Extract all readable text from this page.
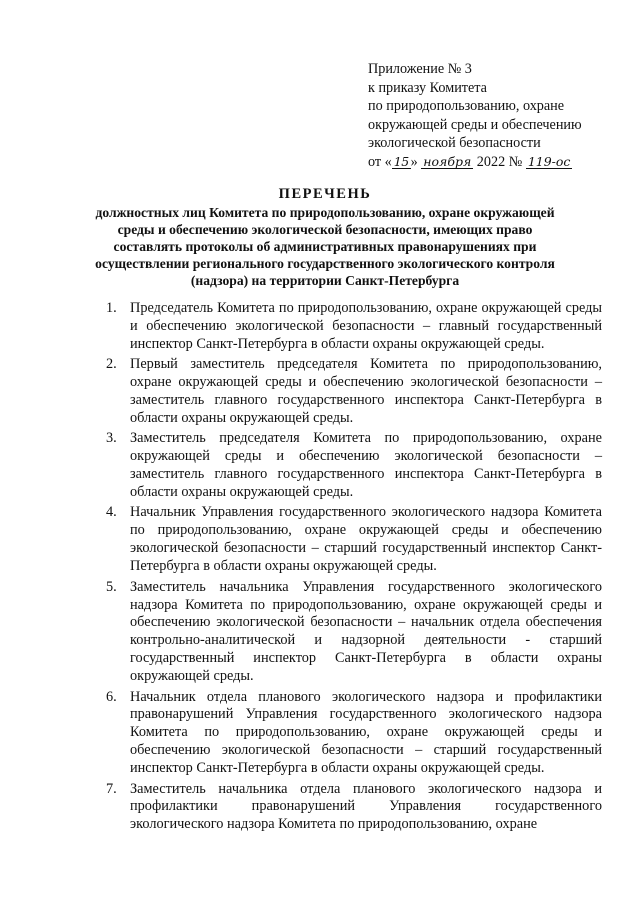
Приложение № 3
к приказу Комитета
по природопользованию, охране
окружающей среды и обеспечению
экологической безопасности
от « 15 » ноября 2022 № 119-ос
ПЕРЕЧЕНЬ
должностных лиц Комитета по природопользованию, охране окружающей среды и обеспечению экологической безопасности, имеющих право составлять протоколы об административных правонарушениях при осуществлении регионального государственного экологического контроля (надзора) на территории Санкт-Петербурга
1. Председатель Комитета по природопользованию, охране окружающей среды и обеспечению экологической безопасности – главный государственный инспектор Санкт-Петербурга в области охраны окружающей среды.
2. Первый заместитель председателя Комитета по природопользованию, охране окружающей среды и обеспечению экологической безопасности – заместитель главного государственного инспектора Санкт-Петербурга в области охраны окружающей среды.
3. Заместитель председателя Комитета по природопользованию, охране окружающей среды и обеспечению экологической безопасности – заместитель главного государственного инспектора Санкт-Петербурга в области охраны окружающей среды.
4. Начальник Управления государственного экологического надзора Комитета по природопользованию, охране окружающей среды и обеспечению экологической безопасности – старший государственный инспектор Санкт-Петербурга в области охраны окружающей среды.
5. Заместитель начальника Управления государственного экологического надзора Комитета по природопользованию, охране окружающей среды и обеспечению экологической безопасности – начальник отдела обеспечения контрольно-аналитической и надзорной деятельности - старший государственный инспектор Санкт-Петербурга в области охраны окружающей среды.
6. Начальник отдела планового экологического надзора и профилактики правонарушений Управления государственного экологического надзора Комитета по природопользованию, охране окружающей среды и обеспечению экологической безопасности – старший государственный инспектор Санкт-Петербурга в области охраны окружающей среды.
7. Заместитель начальника отдела планового экологического надзора и профилактики правонарушений Управления государственного экологического надзора Комитета по природопользованию, охране
